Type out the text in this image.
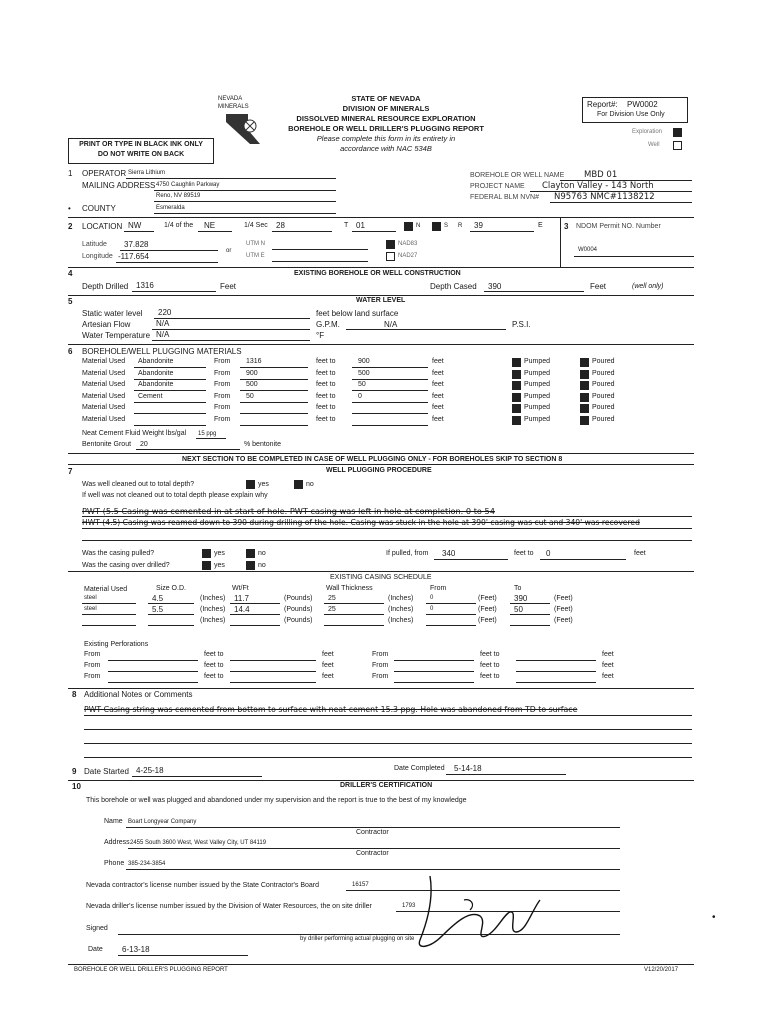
NEVADA
MINERALS
STATE OF NEVADA
DIVISION OF MINERALS
DISSOLVED MINERAL RESOURCE EXPLORATION
BOREHOLE OR WELL DRILLER'S PLUGGING REPORT
Please complete this form in its entirety in
accordance with NAC 534B
Report#: PW0002
For Division Use Only
Exploration
Well
PRINT OR TYPE IN BLACK INK ONLY
DO NOT WRITE ON BACK
1 OPERATOR Sierra Lithium
MAILING ADDRESS 4750 Caughlin Parkway
Reno, NV 89519
• COUNTY	Esmeralda
BOREHOLE OR WELL NAME MBD 01
PROJECT NAME Clayton Valley - 143 North
FEDERAL BLM NVN# N95763 NMC#1138212
2 LOCATION NW	1/4 of the NE	1/4 Sec 28	T 01	N	S R 39	E	3 NDOM Permit NO. Number
Latitude 37.828
Longitude -117.654
or
UTM N
UTM E
NAD83
NAD27
W0004
4	EXISTING BOREHOLE OR WELL CONSTRUCTION
Depth Drilled 1316	Feet	Depth Cased 390	Feet	(well only)
5	WATER LEVEL
Static water level 220	feet below land surface
Artesian Flow	N/A	G.P.M.	N/A	P.S.I.
Water Temperature N/A	°F
6 BOREHOLE/WELL PLUGGING MATERIALS
Material Used Abandonite	From 1316	feet to	900	feet	Pumped	Poured
Material Used Abandonite	From 900	feet to	500	feet	Pumped	Poured
Material Used Abandonite	From 500	feet to	50	feet	Pumped	Poured
Material Used Cement	From 50	feet to	0	feet	Pumped	Poured
Material Used	From	feet to	feet	Pumped	Poured
Material Used	From	feet to	feet	Pumped	Poured
Neat Cement Fluid Weight lbs/gal 15 ppg
Bentonite Grout 20	% bentonite
NEXT SECTION TO BE COMPLETED IN CASE OF WELL PLUGGING ONLY - FOR BOREHOLES SKIP TO SECTION 8
7	WELL PLUGGING PROCEDURE
Was well cleaned out to total depth?	yes	no
If well was not cleaned out to total depth please explain why
PWT (5.5 Casing was cemented in at start of hole. PWT casing was left in hole at completion. 0 to 54
HWT (4.5) Casing was reamed down to 390 during drilling of the hole. Casing was stuck in the hole at 390' casing was cut and 340' was recovered
Was the casing pulled?	yes	no
Was the casing over drilled?	yes	no
If pulled, from 340	feet to 0	feet
EXISTING CASING SCHEDULE
Material Used	Size O.D.	Wt/Ft	Wall Thickness	From	To
steel	4.5	(Inches) 11.7	(Pounds) 25	(Inches)	0	(Feet) 390	(Feet)
steel	5.5	(Inches) 14.4	(Pounds) 25	(Inches)	0	(Feet) 50	(Feet)
(Inches)	(Pounds)	(Inches)	(Feet)	(Feet)
Existing Perforations
From	feet to	feet	From	feet to	feet
From	feet to	feet	From	feet to	feet
From	feet to	feet	From	feet to	feet
8 Additional Notes or Comments
PWT Casing string was cemented from bottom to surface with neat cement 15.3 ppg. Hole was abandoned from TD to surface
9 Date Started 4-25-18	Date Completed 5-14-18
10	DRILLER'S CERTIFICATION
This borehole or well was plugged and abandoned under my supervision and the report is true to the best of my knowledge
Name Boart Longyear Company
Contractor
Address 2455 South 3600 West, West Valley City, UT 84119
Contractor
Phone 385-234-3854
Nevada contractor's license number issued by the State Contractor's Board	16157
Nevada driller's license number issued by the Division of Water Resources, the on site driller	1793
Signed
by driller performing actual plugging on site
Date 6-13-18
•
BOREHOLE OR WELL DRILLER'S PLUGGING REPORT	V12/20/2017
